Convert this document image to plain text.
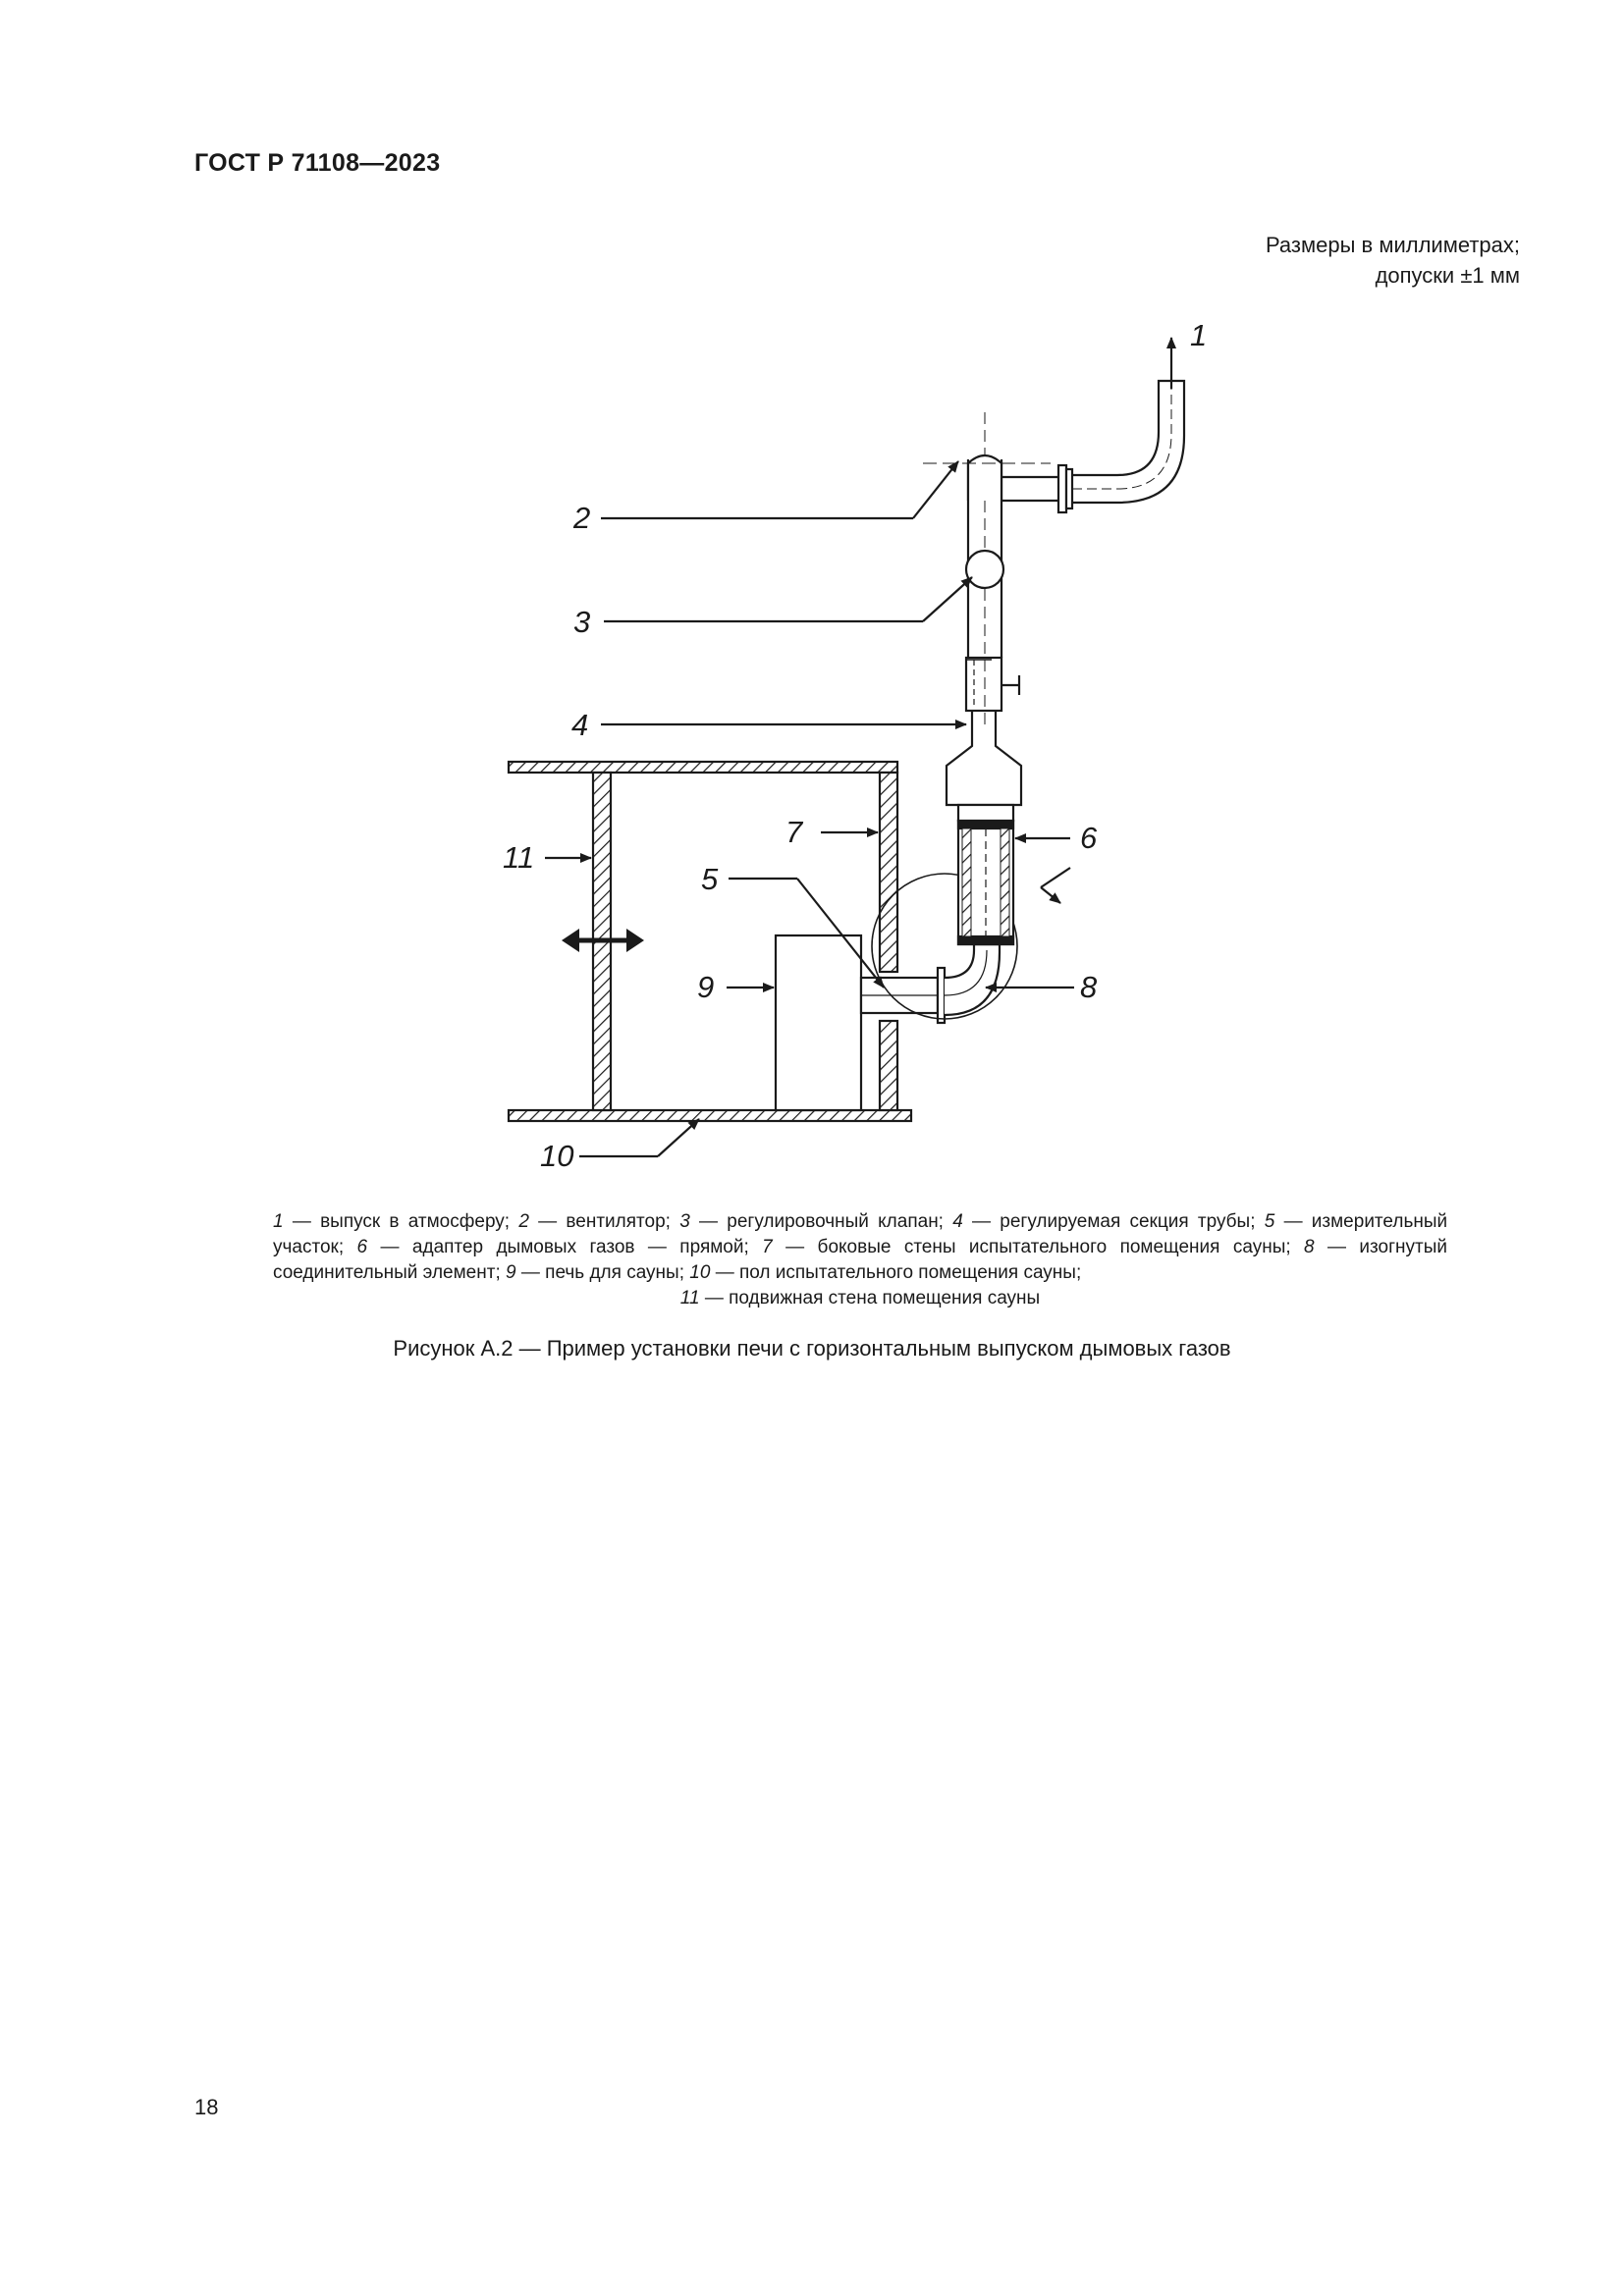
ГОСТ Р 71108—2023
Размеры в миллиметрах;
допуски ±1 мм
1
2
3
4
5
6
7
8
9
10
11

1 — выпуск в атмосферу; 2 — вентилятор; 3 — регулировочный клапан; 4 — регулируемая секция трубы; 5 — измерительный участок; 6 — адаптер дымовых газов — прямой; 7 — боковые стены испытательного помещения сауны; 8 — изогнутый соединительный элемент; 9 — печь для сауны; 10 — пол испытательного помещения сауны;

11 — подвижная стена помещения сауны

Рисунок А.2 — Пример установки печи с горизонтальным выпуском дымовых газов
18
